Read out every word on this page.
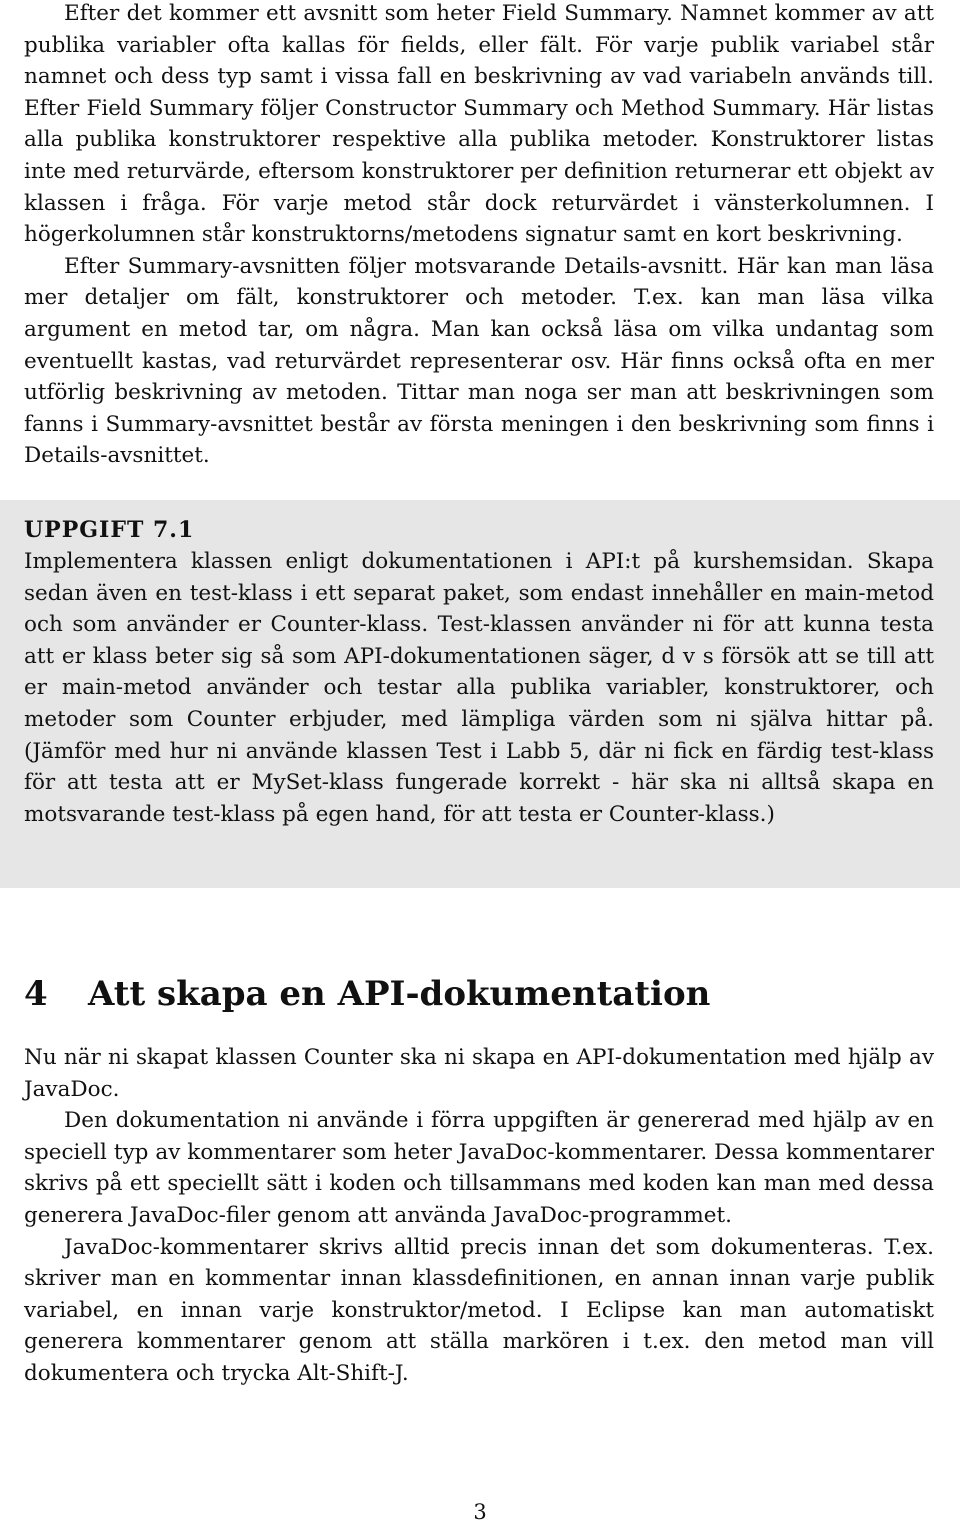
Efter det kommer ett avsnitt som heter Field Summary. Namnet kommer av att publika variabler ofta kallas för fields, eller fält. För varje publik variabel står namnet och dess typ samt i vissa fall en beskrivning av vad variabeln används till. Efter Field Summary följer Constructor Summary och Method Summary. Här listas alla publika konstruktorer respektive alla publika metoder. Konstruktorer listas inte med returvärde, eftersom konstruktorer per definition returnerar ett objekt av klassen i fråga. För varje metod står dock returvärdet i vänsterkolumnen. I högerkolumnen står konstruktorns/metodens signatur samt en kort beskrivning.

Efter Summary-avsnitten följer motsvarande Details-avsnitt. Här kan man läsa mer detaljer om fält, konstruktorer och metoder. T.ex. kan man läsa vilka argument en metod tar, om några. Man kan också läsa om vilka undantag som eventuellt kastas, vad returvärdet representerar osv. Här finns också ofta en mer utförlig beskrivning av metoden. Tittar man noga ser man att beskrivningen som fanns i Summary-avsnittet består av första meningen i den beskrivning som finns i Details-avsnittet.

UPPGIFT 7.1

Implementera klassen enligt dokumentationen i API:t på kurshemsidan. Skapa sedan även en test-klass i ett separat paket, som endast innehåller en main-metod och som använder er Counter-klass. Test-klassen använder ni för att kunna testa att er klass beter sig så som API-dokumentationen säger, d v s försök att se till att er main-metod använder och testar alla publika variabler, konstruktorer, och metoder som Counter erbjuder, med lämpliga värden som ni själva hittar på. (Jämför med hur ni använde klassen Test i Labb 5, där ni fick en färdig test-klass för att testa att er MySet-klass fungerade korrekt - här ska ni alltså skapa en motsvarande test-klass på egen hand, för att testa er Counter-klass.)

4 Att skapa en API-dokumentation

Nu när ni skapat klassen Counter ska ni skapa en API-dokumentation med hjälp av JavaDoc.

Den dokumentation ni använde i förra uppgiften är genererad med hjälp av en speciell typ av kommentarer som heter JavaDoc-kommentarer. Dessa kommentarer skrivs på ett speciellt sätt i koden och tillsammans med koden kan man med dessa generera JavaDoc-filer genom att använda JavaDoc-programmet.

JavaDoc-kommentarer skrivs alltid precis innan det som dokumenteras. T.ex. skriver man en kommentar innan klassdefinitionen, en annan innan varje publik variabel, en innan varje konstruktor/metod. I Eclipse kan man automatiskt generera kommentarer genom att ställa markören i t.ex. den metod man vill dokumentera och trycka Alt-Shift-J.

3
